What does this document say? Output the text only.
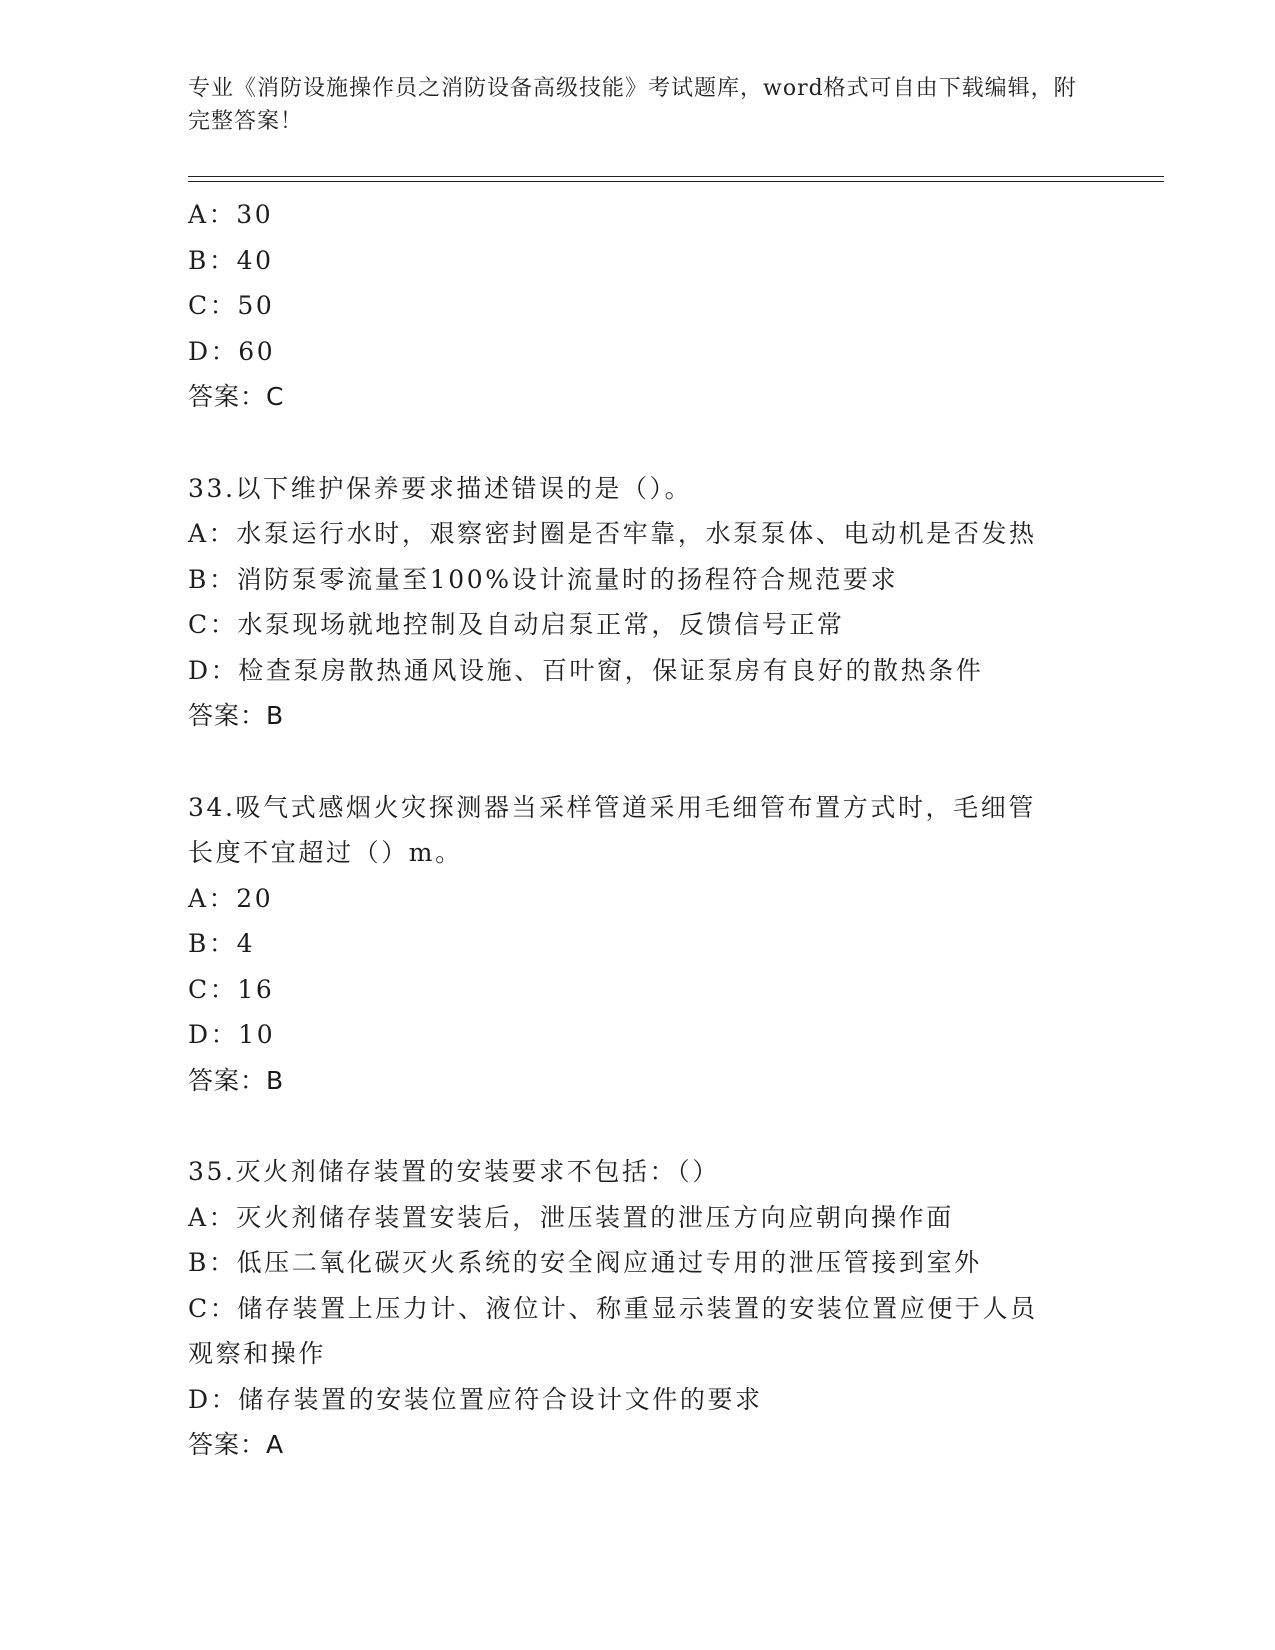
专业《消防设施操作员之消防设备高级技能》考试题库，word格式可自由下载编辑，附完整答案！
A：30
B：40
C：50
D：60
答案：C
33.以下维护保养要求描述错误的是（）。
A：水泵运行水时，艰察密封圈是否牢靠，水泵泵体、电动机是否发热
B：消防泵零流量至100%设计流量时的扬程符合规范要求
C：水泵现场就地控制及自动启泵正常，反馈信号正常
D：检查泵房散热通风设施、百叶窗，保证泵房有良好的散热条件
答案：B
34.吸气式感烟火灾探测器当采样管道采用毛细管布置方式时，毛细管
长度不宜超过（）m。
A：20
B：4
C：16
D：10
答案：B
35.灭火剂储存装置的安装要求不包括：（）
A：灭火剂储存装置安装后，泄压装置的泄压方向应朝向操作面
B：低压二氧化碳灭火系统的安全阀应通过专用的泄压管接到室外
C：储存装置上压力计、液位计、称重显示装置的安装位置应便于人员
观察和操作
D：储存装置的安装位置应符合设计文件的要求
答案：A
